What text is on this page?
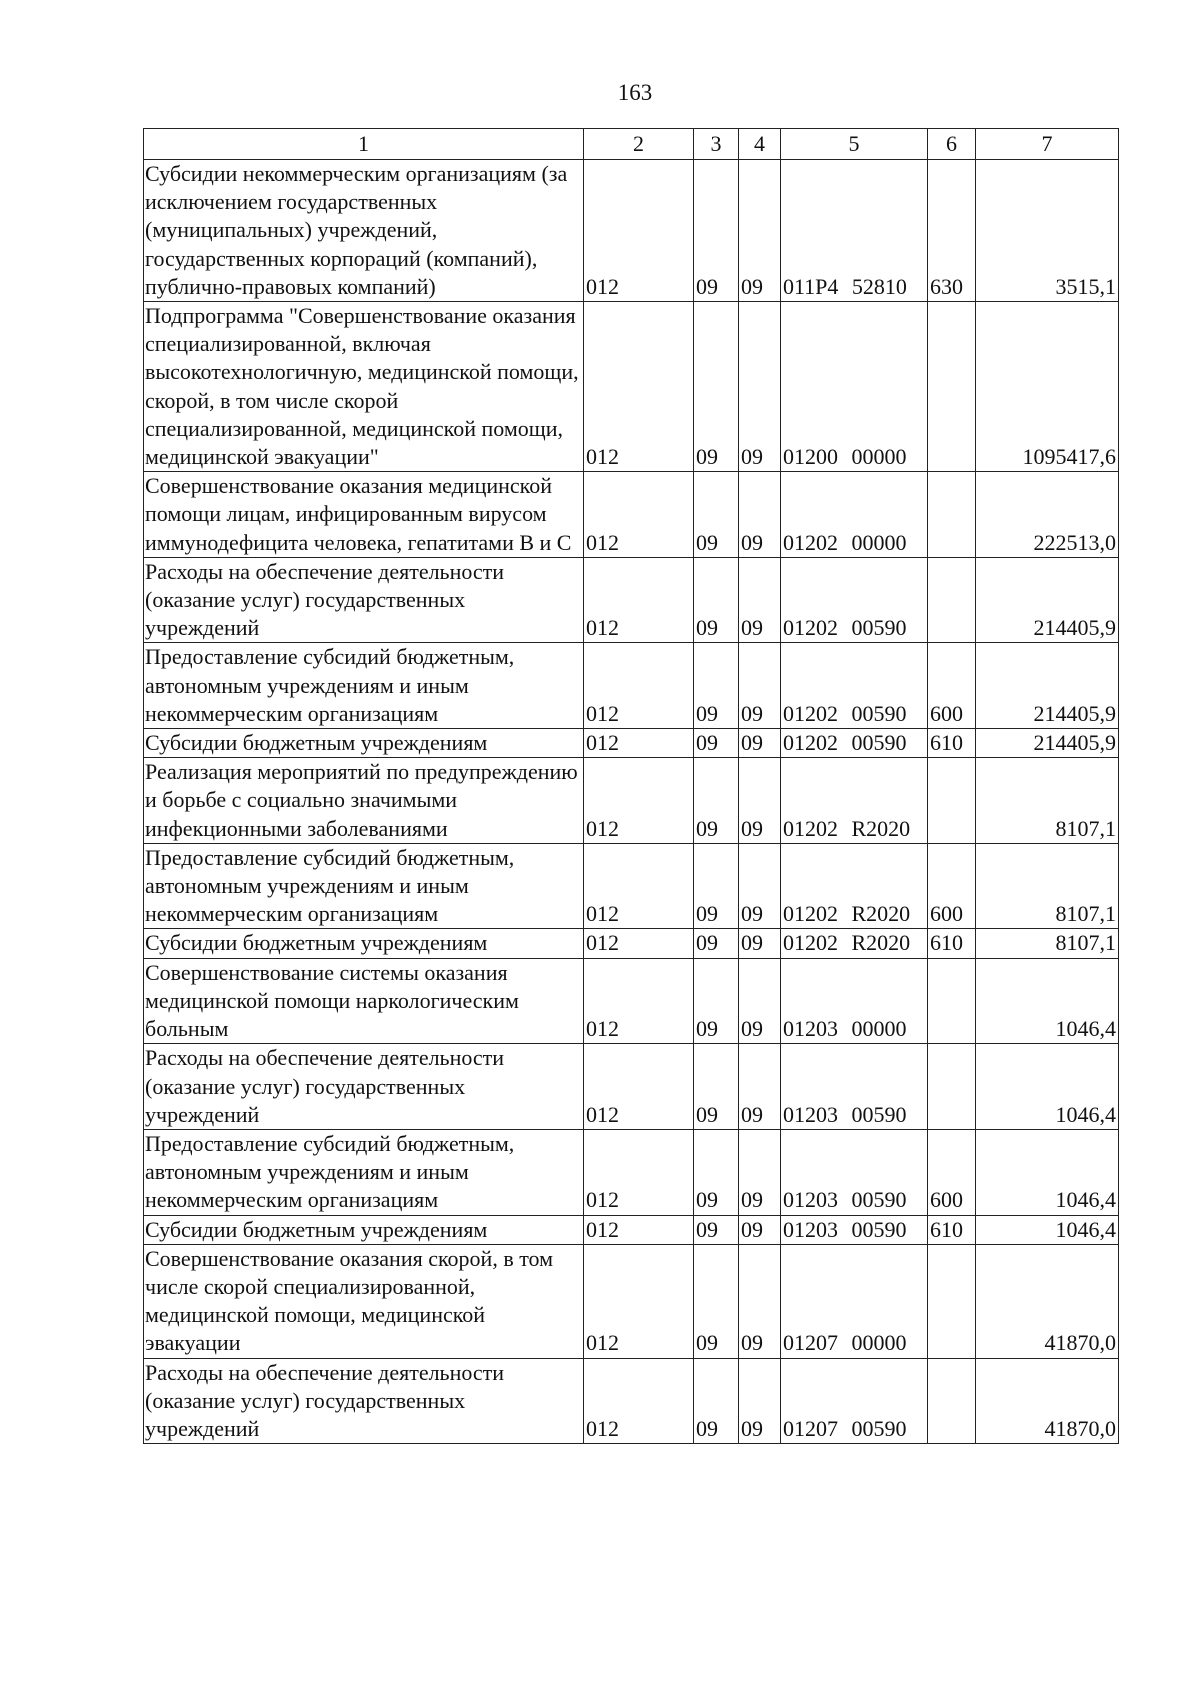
163
1	2	3	4	5	6	7
Субсидии некоммерческим организациям (за исключением государственных (муниципальных) учреждений, государственных корпораций (компаний), публично-правовых компаний)	012	09	09	011P4 52810	630	3515,1
Подпрограмма "Совершенствование оказания специализированной, включая высокотехнологичную, медицинской помощи, скорой, в том числе скорой специализированной, медицинской помощи, медицинской эвакуации"	012	09	09	01200 00000		1095417,6
Совершенствование оказания медицинской помощи лицам, инфицированным вирусом иммунодефицита человека, гепатитами В и С	012	09	09	01202 00000		222513,0
Расходы на обеспечение деятельности (оказание услуг) государственных учреждений	012	09	09	01202 00590		214405,9
Предоставление субсидий бюджетным, автономным учреждениям и иным некоммерческим организациям	012	09	09	01202 00590	600	214405,9
Субсидии бюджетным учреждениям	012	09	09	01202 00590	610	214405,9
Реализация мероприятий по предупреждению и борьбе с социально значимыми инфекционными заболеваниями	012	09	09	01202 R2020		8107,1
Предоставление субсидий бюджетным, автономным учреждениям и иным некоммерческим организациям	012	09	09	01202 R2020	600	8107,1
Субсидии бюджетным учреждениям	012	09	09	01202 R2020	610	8107,1
Совершенствование системы оказания медицинской помощи наркологическим больным	012	09	09	01203 00000		1046,4
Расходы на обеспечение деятельности (оказание услуг) государственных учреждений	012	09	09	01203 00590		1046,4
Предоставление субсидий бюджетным, автономным учреждениям и иным некоммерческим организациям	012	09	09	01203 00590	600	1046,4
Субсидии бюджетным учреждениям	012	09	09	01203 00590	610	1046,4
Совершенствование оказания скорой, в том числе скорой специализированной, медицинской помощи, медицинской эвакуации	012	09	09	01207 00000		41870,0
Расходы на обеспечение деятельности (оказание услуг) государственных учреждений	012	09	09	01207 00590		41870,0
